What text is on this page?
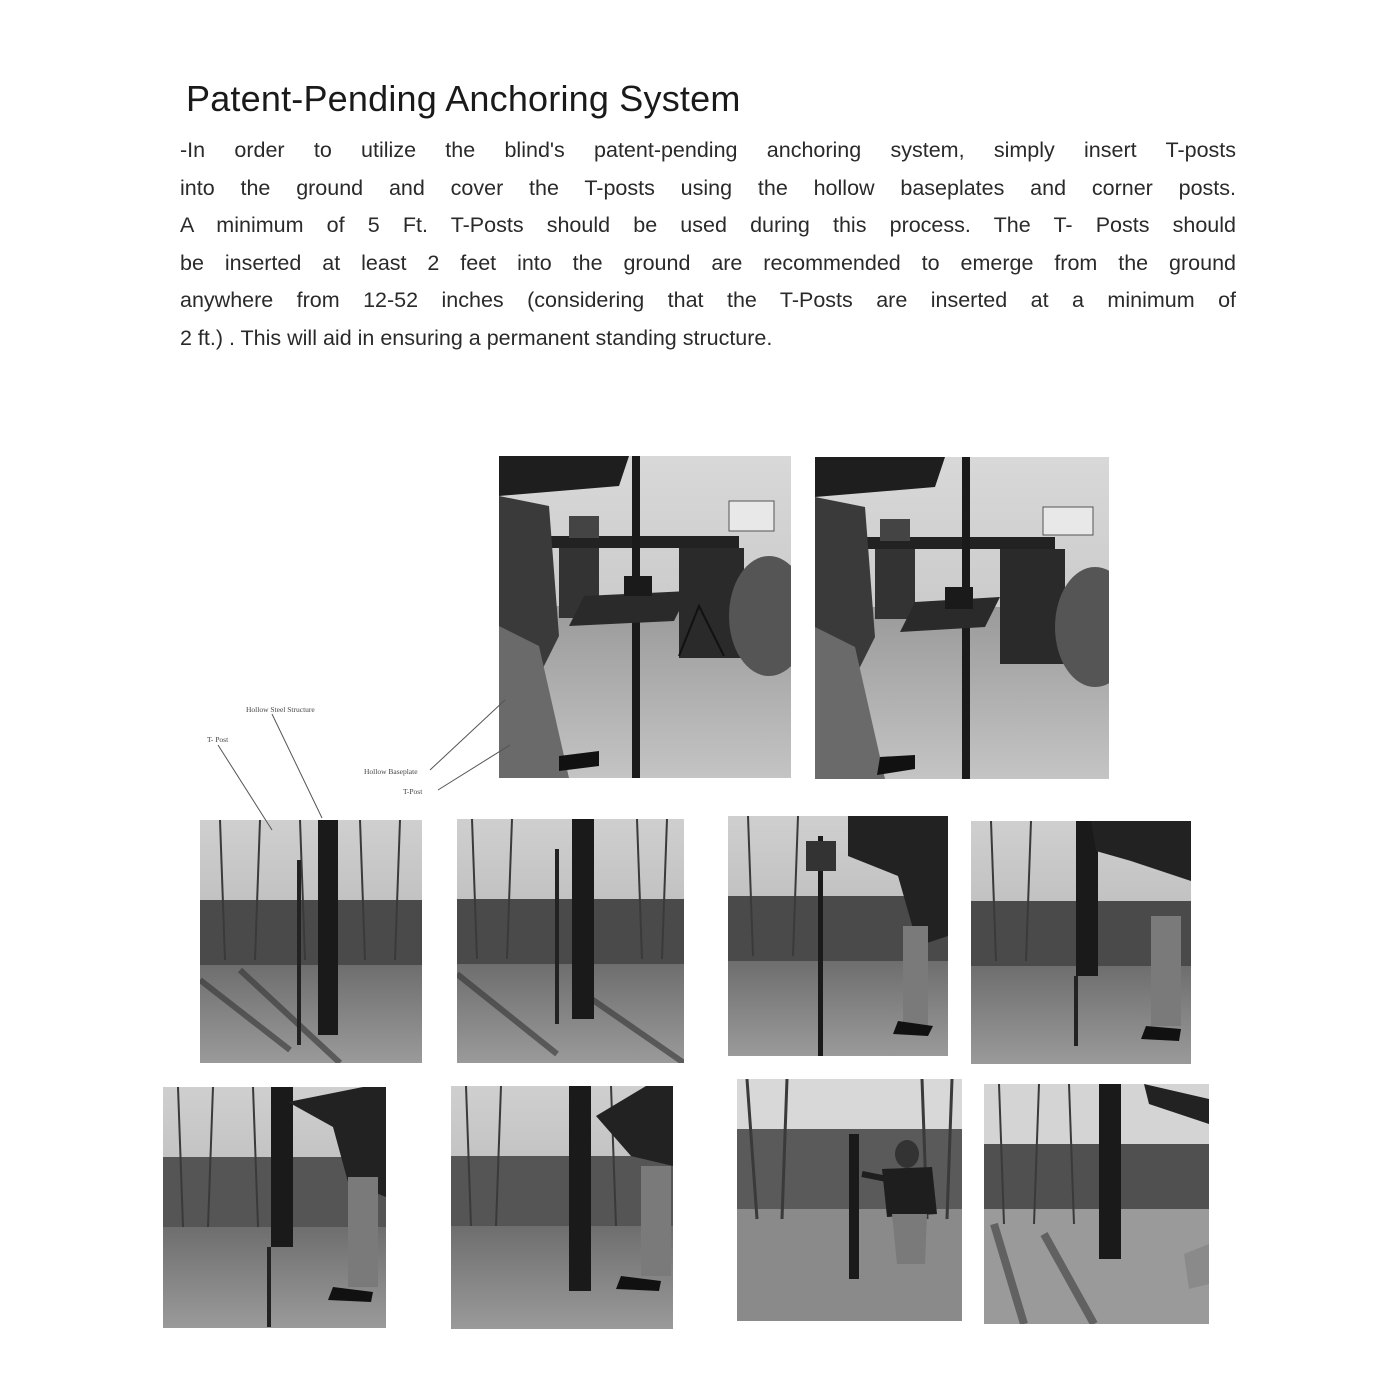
Patent-Pending Anchoring System

-In order to utilize the blind's patent-pending anchoring system, simply insert T-posts
into the ground and cover the T-posts using the hollow baseplates and corner posts.
A minimum of 5 Ft. T-Posts should be used during this process. The T- Posts should
be inserted at least 2 feet into the ground are recommended to emerge from the ground
anywhere from 12-52 inches (considering that the T-Posts are inserted at a minimum of
2 ft.) . This will aid in ensuring a permanent standing structure.

Hollow Steel Structure
T- Post
Hollow Baseplate
T-Post
